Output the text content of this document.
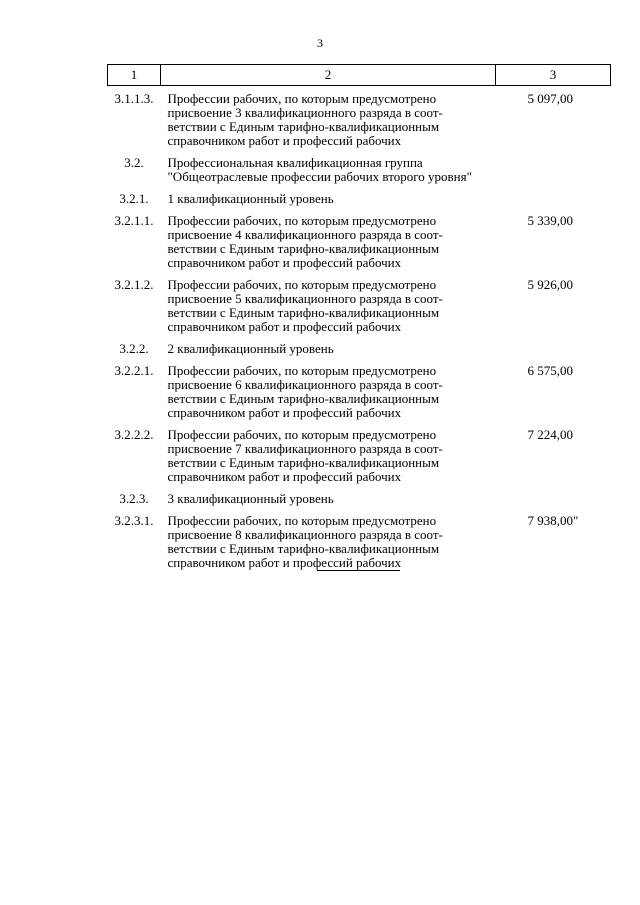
3
1	2	3
3.1.1.3.	Профессии рабочих, по которым предусмотрено присвоение 3 квалификационного разряда в соот-ветствии с Единым тарифно-квалификационным справочником работ и профессий рабочих	5 097,00
3.2.	Профессиональная квалификационная группа "Общеотраслевые профессии рабочих второго уровня"	
3.2.1.	1 квалификационный уровень	
3.2.1.1.	Профессии рабочих, по которым предусмотрено присвоение 4 квалификационного разряда в соот-ветствии с Единым тарифно-квалификационным справочником работ и профессий рабочих	5 339,00
3.2.1.2.	Профессии рабочих, по которым предусмотрено присвоение 5 квалификационного разряда в соот-ветствии с Единым тарифно-квалификационным справочником работ и профессий рабочих	5 926,00
3.2.2.	2 квалификационный уровень	
3.2.2.1.	Профессии рабочих, по которым предусмотрено присвоение 6 квалификационного разряда в соот-ветствии с Единым тарифно-квалификационным справочником работ и профессий рабочих	6 575,00
3.2.2.2.	Профессии рабочих, по которым предусмотрено присвоение 7 квалификационного разряда в соот-ветствии с Единым тарифно-квалификационным справочником работ и профессий рабочих	7 224,00
3.2.3.	3 квалификационный уровень	
3.2.3.1.	Профессии рабочих, по которым предусмотрено присвоение 8 квалификационного разряда в соот-ветствии с Единым тарифно-квалификационным справочником работ и профессий рабочих	7 938,00"
